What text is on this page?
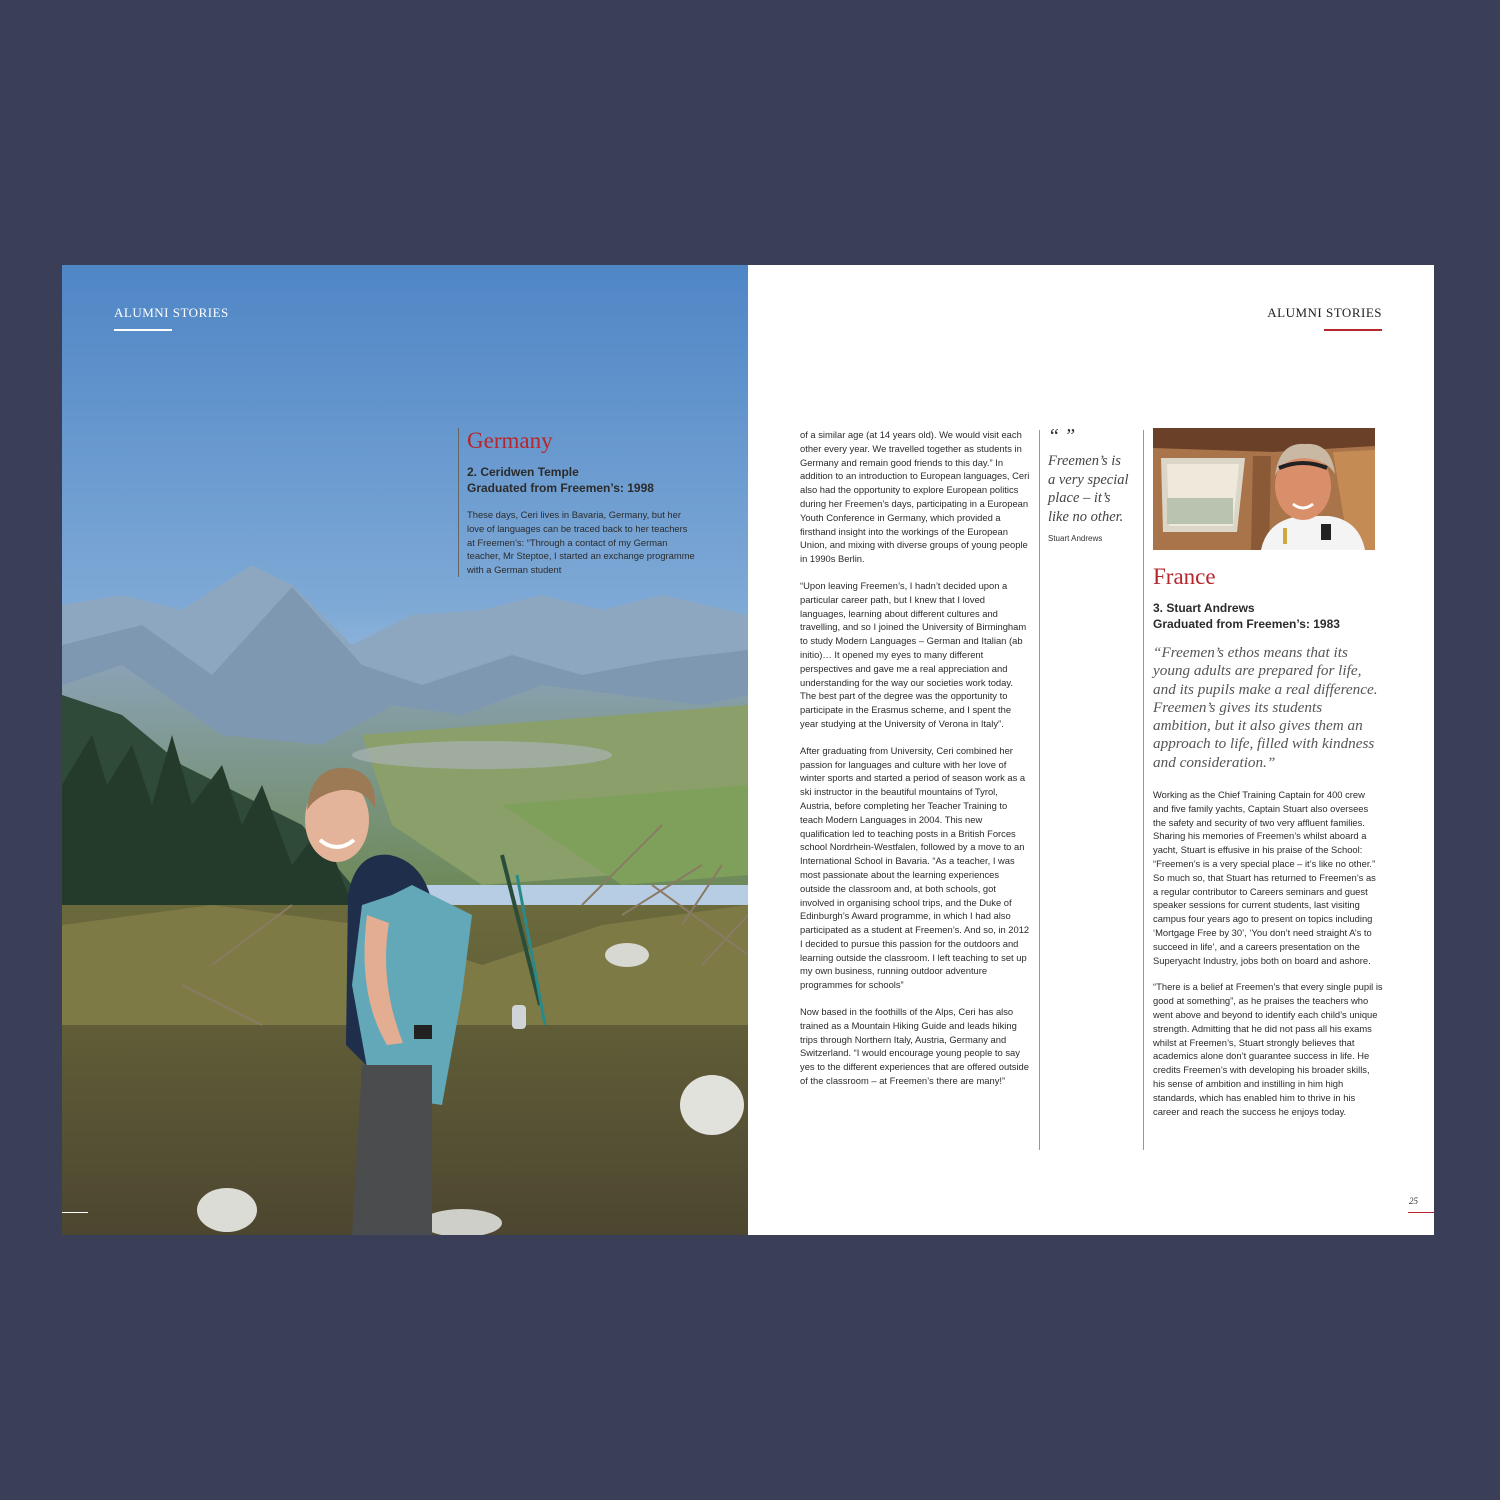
ALUMNI STORIES
Germany
2. Ceridwen Temple
Graduated from Freemen’s: 1998
These days, Ceri lives in Bavaria, Germany, but her love of languages can be traced back to her teachers at Freemen’s: “Through a contact of my German teacher, Mr Steptoe, I started an exchange programme with a German student
ALUMNI STORIES

of a similar age (at 14 years old). We would visit each other every year. We travelled together as students in Germany and remain good friends to this day.” In addition to an introduction to European languages, Ceri also had the opportunity to explore European politics during her Freemen’s days, participating in a European Youth Conference in Germany, which provided a firsthand insight into the workings of the European Union, and mixing with diverse groups of young people in 1990s Berlin.

“Upon leaving Freemen’s, I hadn’t decided upon a particular career path, but I knew that I loved languages, learning about different cultures and travelling, and so I joined the University of Birmingham to study Modern Languages – German and Italian (ab initio)… It opened my eyes to many different perspectives and gave me a real appreciation and understanding for the way our societies work today. The best part of the degree was the opportunity to participate in the Erasmus scheme, and I spent the year studying at the University of Verona in Italy”.

After graduating from University, Ceri combined her passion for languages and culture with her love of winter sports and started a period of season work as a ski instructor in the beautiful mountains of Tyrol, Austria, before completing her Teacher Training to teach Modern Languages in 2004. This new qualification led to teaching posts in a British Forces school Nordrhein-Westfalen, followed by a move to an International School in Bavaria. “As a teacher, I was most passionate about the learning experiences outside the classroom and, at both schools, got involved in organising school trips, and the Duke of Edinburgh’s Award programme, in which I had also participated as a student at Freemen’s. And so, in 2012 I decided to pursue this passion for the outdoors and learning outside the classroom. I left teaching to set up my own business, running outdoor adventure programmes for schools”

Now based in the foothills of the Alps, Ceri has also trained as a Mountain Hiking Guide and leads hiking trips through Northern Italy, Austria, Germany and Switzerland. “I would encourage young people to say yes to the different experiences that are offered outside of the classroom – at Freemen’s there are many!”

“ ”
Freemen’s is a very special place – it’s like no other.
Stuart Andrews
France
3. Stuart Andrews
Graduated from Freemen’s: 1983
“Freemen’s ethos means that its young adults are prepared for life, and its pupils make a real difference. Freemen’s gives its students ambition, but it also gives them an approach to life, filled with kindness and consideration.”

Working as the Chief Training Captain for 400 crew and five family yachts, Captain Stuart also oversees the safety and security of two very affluent families. Sharing his memories of Freemen’s whilst aboard a yacht, Stuart is effusive in his praise of the School: “Freemen’s is a very special place – it’s like no other.” So much so, that Stuart has returned to Freemen’s as a regular contributor to Careers seminars and guest speaker sessions for current students, last visiting campus four years ago to present on topics including ‘Mortgage Free by 30’, ‘You don’t need straight A’s to succeed in life’, and a careers presentation on the Superyacht Industry, jobs both on board and ashore.

“There is a belief at Freemen’s that every single pupil is good at something”, as he praises the teachers who went above and beyond to identify each child’s unique strength. Admitting that he did not pass all his exams whilst at Freemen’s, Stuart strongly believes that academics alone don’t guarantee success in life. He credits Freemen’s with developing his broader skills, his sense of ambition and instilling in him high standards, which has enabled him to thrive in his career and reach the success he enjoys today.

25
